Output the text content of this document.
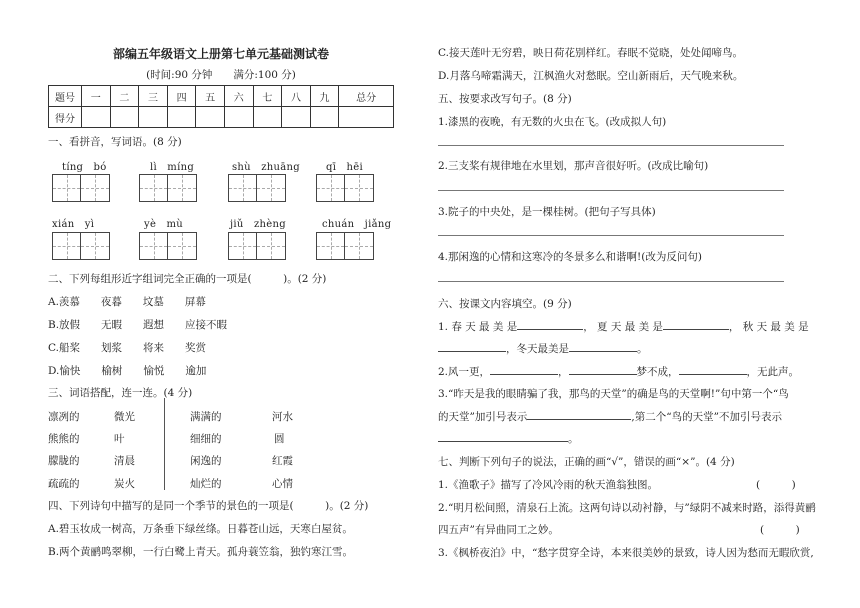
部编五年级语文上册第七单元基础测试卷
(时间:90 分钟　　满分:100 分)
题号	一	二	三	四	五	六	七	八	九	总分
得分										
一、看拼音，写词语。(8 分)
tíng　bó	lì　míng	shù　zhuāng	qī　hēi
xián　yì	yè　mù	jiǔ　zhèng	chuán　jiǎng
二、下列每组形近字组词完全正确的一项是(　　　)。(2 分)
A.羡慕　　夜暮　　坟墓　　屏幕
B.放假　　无暇　　遐想　　应接不暇
C.船桨　　划浆　　将来　　奖赏
D.愉快　　榆树　　愉悦　　逾加
三、词语搭配，连一连。(4 分)
凛冽的	微光	满满的	河水
熊熊的	叶	细细的	圆
朦胧的	清晨	闲逸的	红霞
疏疏的	炭火	灿烂的	心情
四、下列诗句中描写的是同一个季节的景色的一项是(　　　)。(2 分)
A.碧玉妆成一树高，万条垂下绿丝绦。日暮苍山远，天寒白屋贫。
B.两个黄鹂鸣翠柳，一行白鹭上青天。孤舟蓑笠翁，独钓寒江雪。
C.接天莲叶无穷碧，映日荷花别样红。春眠不觉晓，处处闻啼鸟。
D.月落乌啼霜满天，江枫渔火对愁眠。空山新雨后，天气晚来秋。
五、按要求改写句子。(8 分)
1.漆黑的夜晚，有无数的火虫在飞。(改成拟人句)
2.三支桨有规律地在水里划，那声音很好听。(改成比喻句)
3.院子的中央处，是一棵桂树。(把句子写具体)
4.那闲逸的心情和这寒冷的冬景多么和谐啊!(改为反问句)
六、按课文内容填空。(9 分)
1. 春 天 最 美 是	， 夏 天 最 美 是	， 秋 天 最 美 是
，冬天最美是	。
2.风一更，	，	梦不成，	，无此声。
3.“昨天是我的眼睛骗了我，那鸟的天堂”的确是鸟的天堂啊!”句中第一个“鸟
的天堂”加引号表示	,第二个“鸟的天堂”不加引号表示
。
七、判断下列句子的说法，正确的画“√”，错误的画“×”。(4 分)
1.《渔歌子》描写了冷风冷雨的秋天渔翁独图。	(　　　)
2.“明月松间照，清泉石上流。这两句诗以动衬静，与”绿阴不减来时路，添得黄鹂
四五声”有异曲同工之妙。	(　　　)
3.《枫桥夜泊》中，“愁字贯穿全诗，本来很美妙的景致，诗人因为愁而无暇欣赏,
